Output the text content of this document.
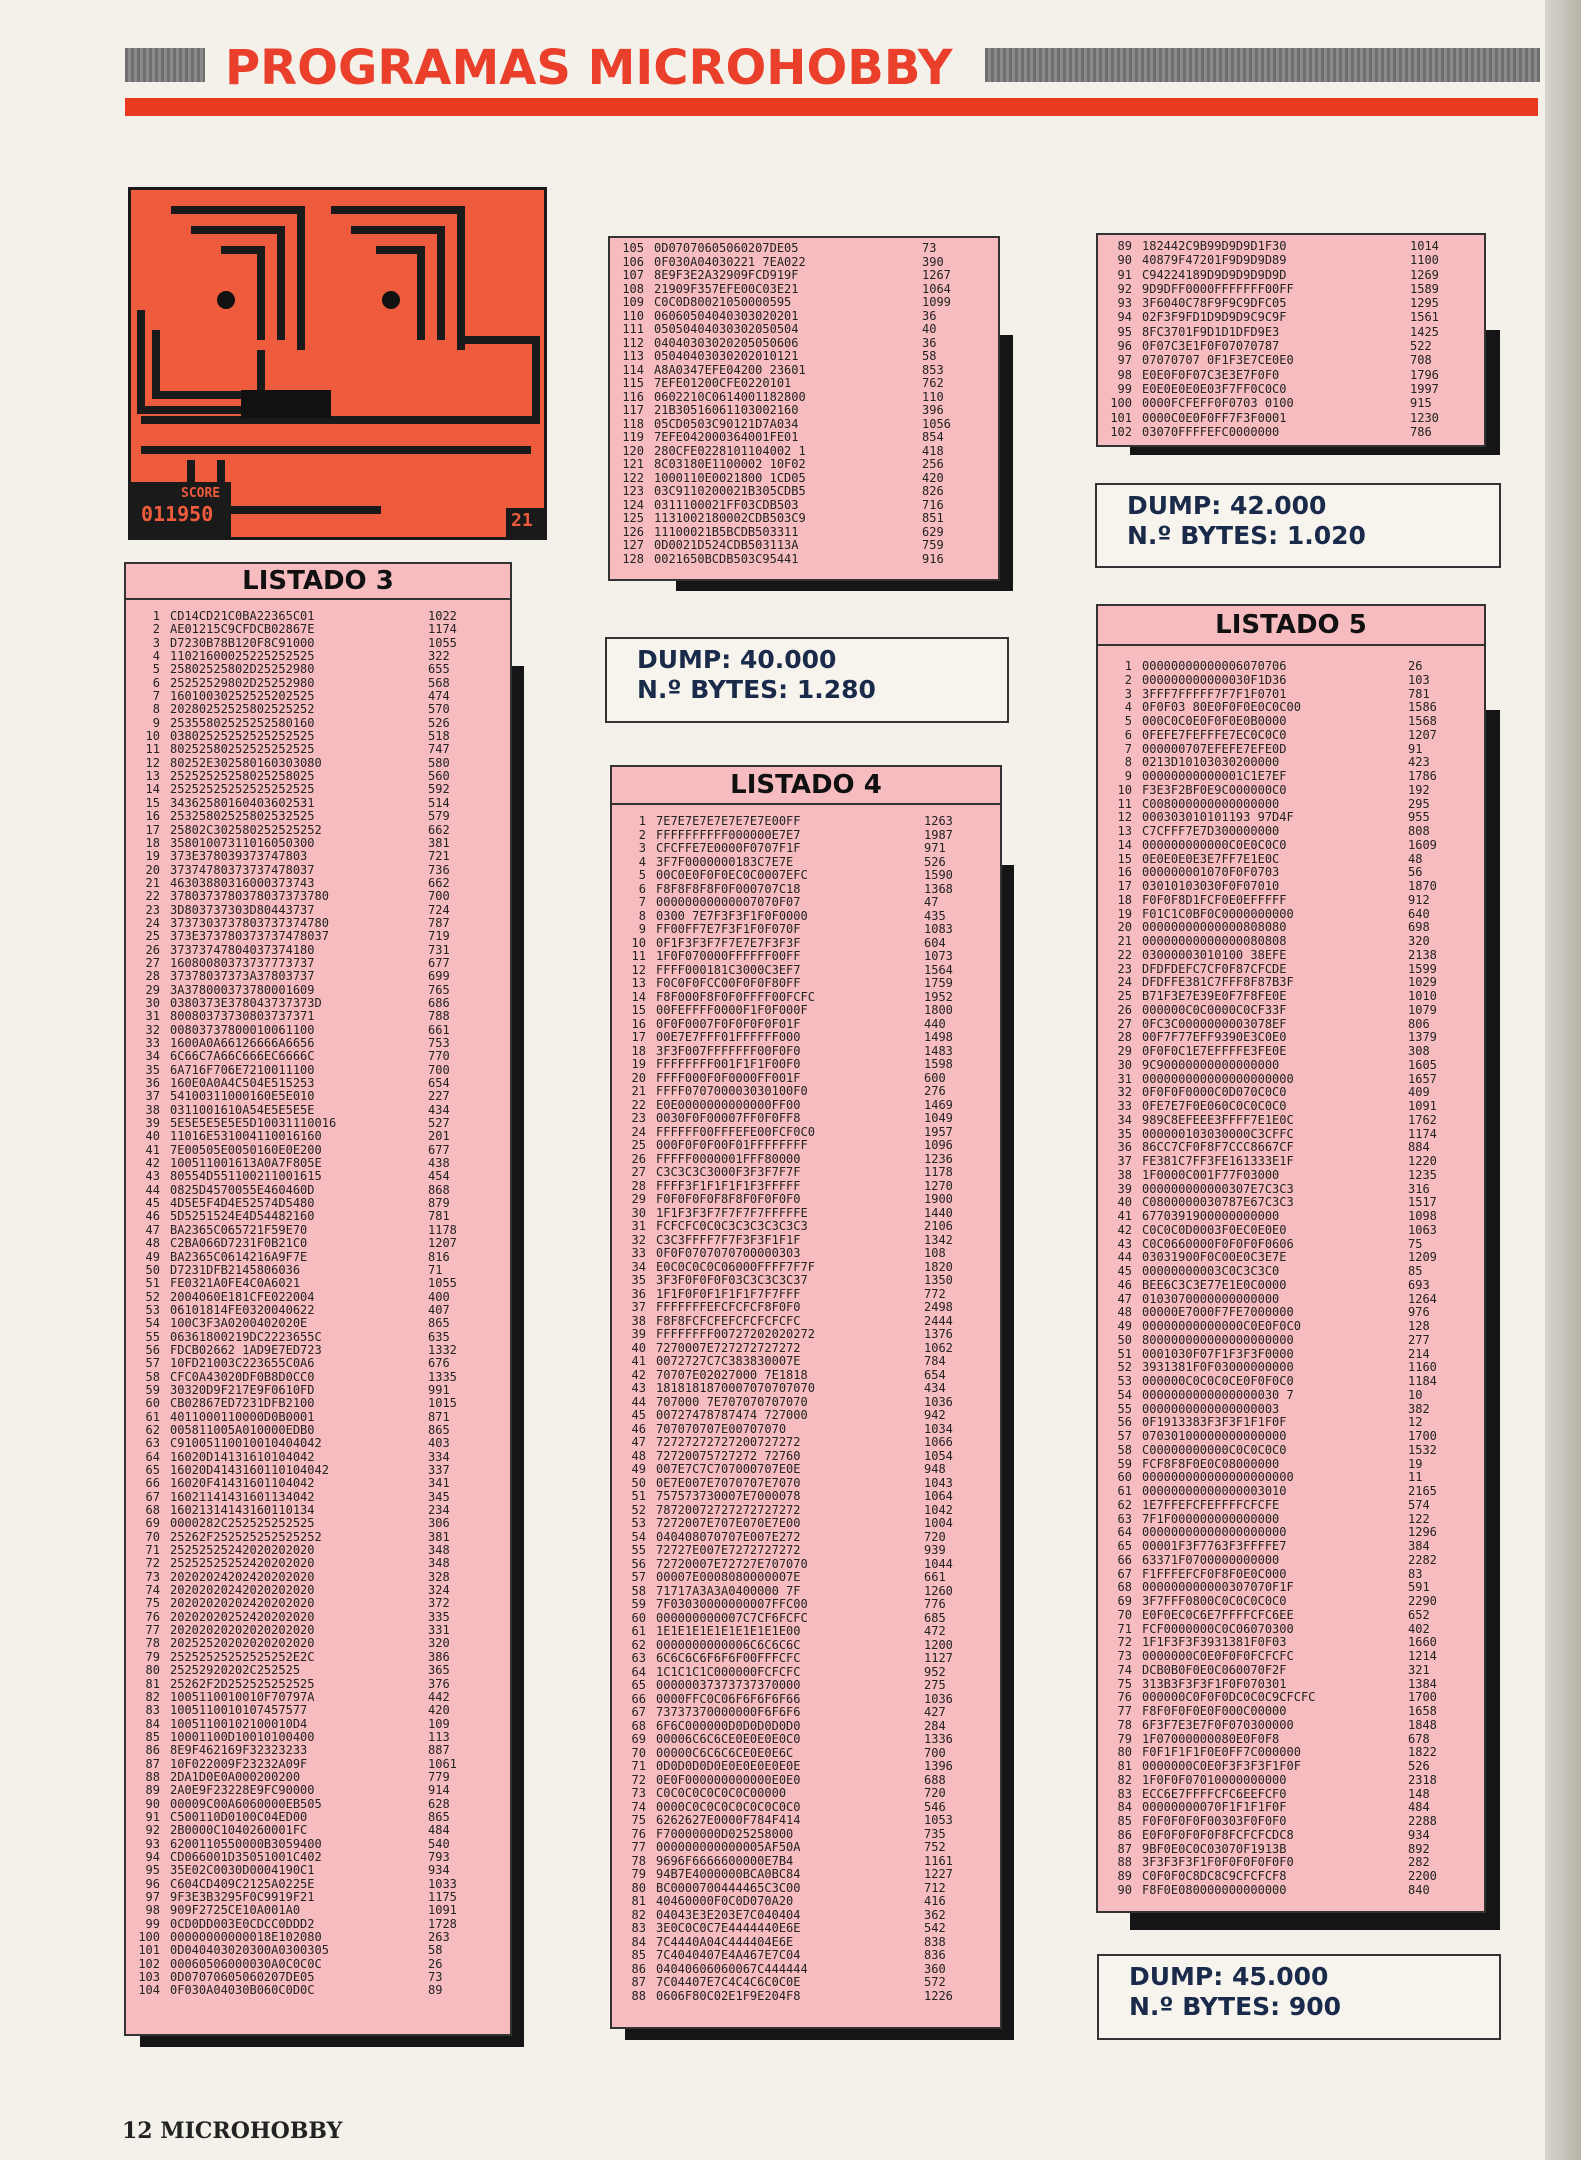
PROGRAMAS MICROHOBBY
SCORE
011950	21
LISTADO 3
1 CD14CD21C0BA22365C01	1022
2 AE01215C9CFDCB02867E	1174
3 D7230B78B120F8C91000	1055
4 11021600025225252525	322
5 25802525802D25252980	655
6 25252529802D25252980	568
7 16010030252525202525	474
8 20280252525802525252	570
9 25355802525252580160	526
10 03802525252525252525	518
11 80252580252525252525	747
12 80252E302580160303080	580
13 25252525258025258025	560
14 25252525252525252525	592
15 34362580160403602531	514
16 25325802525802532525	579
17 25802C302580252525252	662
18 35801007311016050300	381
19 373E378039373747803	721
20 37374780373737478037	736
21 46303880316000373743	662
22 3780373780378037373780	700
23 3D803737303D80443737	724
24 3737303737803737374780	787
25 373E373780373737478037	719
26 37373747804037374180	731
27 16080080373737773737	677
28 37378037373A37803737	699
29 3A378000373780001609	765
30 0380373E378043737373D	686
31 80080373730803737371	788
32 00803737800010061100	661
33 1600A0A66126666A6656	753
34 6C66C7A66C666EC6666C	770
35 6A716F706E7210011100	700
36 160E0A0A4C504E515253	654
37 54100311000160E5E010	227
38 0311001610A54E5E5E5E	434
39 5E5E5E5E5E5D10031110016	527
40 11016E531004110016160	201
41 7E00505E0050160E0E200	677
42 100511001613A0A7F805E	438
43 80554D551100211001615	454
44 0825D4570055E460460D	868
45 4D5E5F4D4E52574D5480	879
46 5D5251524E4D54482160	781
47 BA2365C065721F59E70	1178
48 C2BA066D7231F0B21C0	1207
49 BA2365C0614216A9F7E	816
50 D7231DFB2145806036	71
51 FE0321A0FE4C0A6021	1055
52 2004060E181CFE022004	400
53 06101814FE0320040622	407
54 100C3F3A0200402020E	865
55 06361800219DC2223655C	635
56 FDCB02662 1AD9E7ED723	1332
57 10FD21003C223655C0A6	676
58 CFC0A43020DF0B8D0CC0	1335
59 30320D9F217E9F0610FD	991
60 CB02867ED7231DFB2100	1015
61 4011000110000D0B0001	871
62 005811005A010000EDB0	865
63 C91005110010010404042	403
64 16020D14131610104042	334
65 16020D4143160110104042	337
66 16020F41431601104042	341
67 16021141431601134042	345
68 16021314143160110134	234
69 0000282C252525252525	306
70 25262F252525252525252	381
71 25252525242020202020	348
72 25252525252420202020	348
73 20202024202420202020	328
74 20202020242020202020	324
75 20202020202420202020	372
76 20202020252420202020	335
77 20202020202020202020	331
78 20252520202020202020	320
79 25252525252525252E2C	386
80 25252920202C252525	365
81 25262F2D252525252525	376
82 1005110010010F70797A	442
83 1005110010107457577	420
84 10051100102100010D4	109
85 10001100D10010100400	113
86 8E9F462169F32323233	887
87 10F022009F23232A09F	1061
88 2DA1D0E0A000200200	779
89 2A0E9F23228E9FC90000	914
90 00009C00A6060000EB505	628
91 C500110D0100C04ED00	865
92 2B0000C1040260001FC	484
93 6200110550000B3059400	540
94 CD066001D35051001C402	793
95 35E02C0030D0004190C1	934
96 C604CD409C2125A0225E	1033
97 9F3E3B3295F0C9919F21	1175
98 909F2725CE10A001A0	1091
99 0CD0DD003E0CDCC0DDD2	1728
100 00000000000018E102080	263
101 0D040403020300A0300305	58
102 00060506000030A0C0C0C	26
103 0D07070605060207DE05	73
104 0F030A04030B060C0D0C	89
105 0D07070605060207DE05	73
106 0F030A04030221 7EA022	390
107 8E9F3E2A32909FCD919F	1267
108 21909F357EFE00C03E21	1064
109 C0C0D80021050000595	1099
110 06060504040303020201	36
111 05050404030302050504	40
112 04040303020205050606	36
113 05040403030202010121	58
114 A8A0347EFE04200 23601	853
115 7EFE01200CFE0220101	762
116 0602210C0614001182800	110
117 21B30516061103002160	396
118 05CD0503C90121D7A034	1056
119 7EFE042000364001FE01	854
120 280CFE0228101104002 1	418
121 8C03180E1100002 10F02	256
122 1000110E0021800 1CD05	420
123 03C9110200021B305CDB5	826
124 0311100021FF03CDB503	716
125 1131002180002CDB503C9	851
126 11100021B5BCDB503311	629
127 0D0021D524CDB503113A	759
128 0021650BCDB503C95441	916
DUMP: 40.000
N.º BYTES: 1.280
LISTADO 4
1 7E7E7E7E7E7E7E7E00FF	1263
2 FFFFFFFFFF000000E7E7	1987
3 CFCFFE7E0000F0707F1F	971
4 3F7F0000000183C7E7E	526
5 00C0E0F0F0EC0C0007EFC	1590
6 F8F8F8F8F0F000707C18	1368
7 00000000000007070F07	47
8 0300 7E7F3F3F1F0F0000	435
9 FF00FF7E7F3F1F0F070F	1083
10 0F1F3F3F7F7E7E7F3F3F	604
11 1F0F070000FFFFFF00FF	1073
12 FFFF000181C3000C3EF7	1564
13 F0C0F0FCC00F0F0F80FF	1759
14 F8F000F8F0F0FFFF00FCFC	1952
15 00FEFFFF0000F1F0F000F	1800
16 0F0F0007F0F0F0F0F01F	440
17 00E7E7FFF01FFFFFF000	1498
18 3F3F007FFFFFFF00F0F0	1483
19 FFFFFFFF001F1F1F00F0	1598
20 FFFF000F0F0000FF001F	600
21 FFFF070700003030100F0	276
22 E0E0000000000000FF00	1469
23 0030F0F00007FF0F0FF8	1049
24 FFFFFF00FFFEFE00FCF0C0	1957
25 000F0F0F00F01FFFFFFFF	1096
26 FFFFF0000001FFF80000	1236
27 C3C3C3C3000F3F3F7F7F	1178
28 FFFF3F1F1F1F1F3FFFFF	1270
29 F0F0F0F0F8F8F0F0F0F0	1900
30 1F1F3F3F7F7F7F7FFFFFE	1440
31 FCFCFC0C0C3C3C3C3C3C3	2106
32 C3C3FFFF7F7F3F3F1F1F	1342
33 0F0F0707070700000303	108
34 E0C0C0C0C06000FFFF7F7F	1820
35 3F3F0F0F0F03C3C3C3C37	1350
36 1F1F0F0F1F1F1F7F7FFF	772
37 FFFFFFFEFCFCFCF8F0F0	2498
38 F8F8FCFCFEFCFCFCFCFC	2444
39 FFFFFFFF00727202020272	1376
40 7270007E727272727272	1062
41 0072727C7C383830007E	784
42 70707E02027000 7E1818	654
43 1818181870007070707070	434
44 707000 7E707070707070	1036
45 00727478787474 727000	942
46 707070707E00707070	1034
47 72727272727200727272	1066
48 72720075727272 72760	1054
49 007E7C7C707000707E0E	948
50 0E7E007E7070707E7070	1043
51 757573730007E7000078	1064
52 78720072727272727272	1042
53 7272007E707E070E7E00	1004
54 040408070707E007E272	720
55 72727E007E7272727272	939
56 72720007E72727E707070	1044
57 00007E0008080000007E	661
58 71717A3A3A0400000 7F	1260
59 7F03030000000007FFC00	776
60 000000000007C7CF6FCFC	685
61 1E1E1E1E1E1E1E1E1E00	472
62 0000000000006C6C6C6C	1200
63 6C6C6C6F6F6F00FFFCFC	1127
64 1C1C1C1C000000FCFCFC	952
65 00000037373737370000	275
66 0000FFC0C06F6F6F6F66	1036
67 73737370000000F6F6F6	427
68 6F6C000000D0D0D0D0D0	284
69 00006C6C6CE0E0E0E0C0	1336
70 00000C6C6C6CE0E0E6C	700
71 0D0D0D0D0E0E0E0E0E0E	1396
72 0E0F000000000000E0E0	688
73 C0C0C0C0C0C0C00000	720
74 0000C0C0C0C0C0C0C0C0	546
75 6262627E0000F784F414	1053
76 F70000000D025258000	735
77 000000000000005AF50A	752
78 9696F6666600000E7B4	1161
79 94B7E4000000BCA0BC84	1227
80 BC0000700444465C3C00	712
81 40460000F0C0D070A20	416
82 04043E3E203E7C040404	362
83 3E0C0C0C7E4444440E6E	542
84 7C4440A04C444404E6E	838
85 7C4040407E4A467E7C04	836
86 04040606060067C444444	360
87 7C04407E7C4C4C6C0C0E	572
88 0606F80C02E1F9E204F8	1226
89 182442C9B99D9D9D1F30	1014
90 40879F47201F9D9D9D89	1100
91 C94224189D9D9D9D9D9D	1269
92 9D9DFF0000FFFFFFF00FF	1589
93 3F6040C78F9F9C9DFC05	1295
94 02F3F9FD1D9D9D9C9C9F	1561
95 8FC3701F9D1D1DFD9E3	1425
96 0F07C3E1F0F07070787	522
97 07070707 0F1F3E7CE0E0	708
98 E0E0F0F07C3E3E7F0F0	1796
99 E0E0E0E0E03F7FF0C0C0	1997
100 0000FCFEFF0F0703 0100	915
101 0000C0E0F0FF7F3F0001	1230
102 03070FFFFEFC0000000	786
DUMP: 42.000
N.º BYTES: 1.020
LISTADO 5
1 00000000000006070706	26
2 000000000000030F1D36	103
3 3FFF7FFFFF7F7F1F0701	781
4 0F0F03 80E0F0F0E0C0C00	1586
5 000C0C0E0F0F0E0B0000	1568
6 0FEFE7FEFFFE7EC0C0C0	1207
7 000000707EFEFE7EFE0D	91
8 0213D10103030200000	423
9 00000000000001C1E7EF	1786
10 F3E3F2BF0E9C000000C0	192
11 C008000000000000000	295
12 000303010101193 97D4F	955
13 C7CFFF7E7D300000000	808
14 000000000000C0E0C0C0	1609
15 0E0E0E0E3E7FF7E1E0C	48
16 000000001070F0F0703	56
17 03010103030F0F07010	1870
18 F0F0F8D1FCF0E0EFFFFF	912
19 F01C1C0BF0C0000000000	640
20 00000000000000808080	698
21 00000000000000080808	320
22 03000003010100 38EFE	2138
23 DFDFDEFC7CF0F87CFCDE	1599
24 DFDFFE381C7FFF8F87B3F	1029
25 B71F3E7E39E0F7F8FE0E	1010
26 000000C0C0000C0CF33F	1079
27 0FC3C0000000003078EF	806
28 00F7F77EFF9390E3C0E0	1379
29 0F0F0C1E7EFFFFE3FE0E	308
30 9C90000000000000000	1605
31 000000000000000000000	1657
32 0F0F0F0000C0D070C0C0	409
33 0FE7E7F0E060C0C0C0C0	1091
34 989C8EFEEE3FFFF7E1E0C	1762
35 000000103030000C3CFFC	1174
36 86CC7CF0F8F7CCC8667CF	884
37 FE381C7FF3FE161333E1F	1220
38 1F0000C001F77F03000	1235
39 000000000000307E7C3C3	316
40 C0800000030787E67C3C3	1517
41 6770391900000000000	1098
42 C0C0C0D0003F0EC0E0E0	1063
43 C0C0660000F0F0F0F0606	75
44 03031900F0C00E0C3E7E	1209
45 00000000003C0C3C3C0	85
46 BEE6C3C3E77E1E0C0000	693
47 0103070000000000000	1264
48 00000E7000F7FE7000000	976
49 00000000000000C0E0F0C0	128
50 800000000000000000000	277
51 0001030F07F1F3F3F0000	214
52 3931381F0F03000000000	1160
53 000000C0C0C0CE0F0F0C0	1184
54 0000000000000000030 7	10
55 0000000000000000003	382
56 0F1913383F3F3F1F1F0F	12
57 07030100000000000000	1700
58 C00000000000C0C0C0C0	1532
59 FCF8F8F0E0C08000000	19
60 000000000000000000000	11
61 00000000000000003010	2165
62 1E7FFEFCFEFFFFCFCFE	574
63 7F1F000000000000000	122
64 00000000000000000000	1296
65 00001F3F7763F3FFFFE7	384
66 63371F0700000000000	2282
67 F1FFFEFCF0F8F0E0C000	83
68 000000000000307070F1F	591
69 3F7FFF0800C0C0C0C0C0	2290
70 E0F0EC0C6E7FFFFCFC6EE	652
71 FCF0000000C0C06070300	402
72 1F1F3F3F3931381F0F03	1660
73 0000000C0E0F0F0FCFCFC	1214
74 DCB0B0F0E0C060070F2F	321
75 313B3F3F3F1F0F070301	1384
76 000000C0F0F0DC0C0C9CFCFC	1700
77 F8F0F0F0E0F000C00000	1658
78 6F3F7E3E7F0F070300000	1848
79 1F07000000080E0F0F8	678
80 F0F1F1F1F0E0FF7C000000	1822
81 0000000C0E0F3F3F3F1F0F	526
82 1F0F0F07010000000000	2318
83 ECC6E7FFFFCFC6EEFCF0	148
84 00000000070F1F1F1F0F	484
85 F0F0F0F0F00303F0F0F0	2288
86 E0F0F0F0F0F8FCFCFCDC8	934
87 9BF0E0C0C03070F1913B	892
88 3F3F3F3F1F0F0F0F0F0F0	282
89 C0F0F0C8DC8C9CFCFCF8	2200
90 F8F0E080000000000000	840
DUMP: 45.000
N.º BYTES: 900
12 MICROHOBBY
